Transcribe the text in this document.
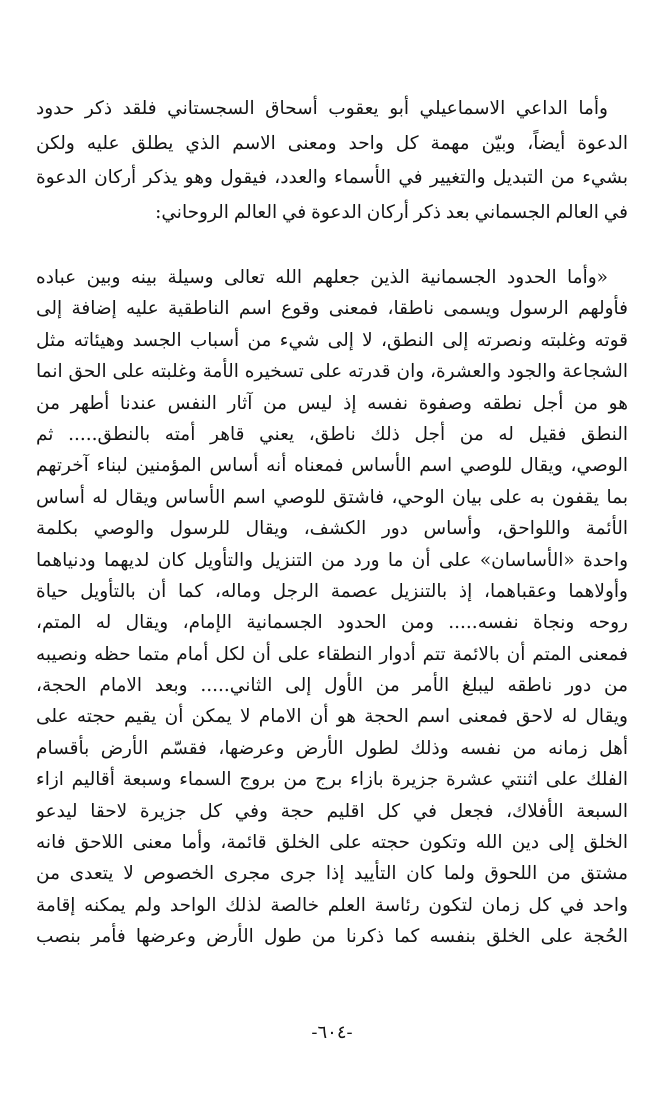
وأما الداعي الاسماعيلي أبو يعقوب أسحاق السجستاني فلقد ذكر حدود
الدعوة أيضاً، وبيّن مهمة كل واحد ومعنى الاسم الذي يطلق عليه ولكن
بشيء من التبديل والتغيير في الأسماء والعدد، فيقول وهو يذكر أركان الدعوة
في العالم الجسماني بعد ذكر أركان الدعوة في العالم الروحاني:
«وأما الحدود الجسمانية الذين جعلهم الله تعالى وسيلة بينه وبين عباده
فأولهم الرسول ويسمى ناطقا، فمعنى وقوع اسم الناطقية عليه إضافة إلى
قوته وغلبته ونصرته إلى النطق، لا إلى شيء من أسباب الجسد وهيئاته مثل
الشجاعة والجود والعشرة، وان قدرته على تسخيره الأمة وغلبته على الحق انما
هو من أجل نطقه وصفوة نفسه إذ ليس من آثار النفس عندنا أطهر من
النطق فقيل له من أجل ذلك ناطق، يعني قاهر أمته بالنطق..... ثم
الوصي، ويقال للوصي اسم الأساس فمعناه أنه أساس المؤمنين لبناء آخرتهم
بما يقفون به على بيان الوحي، فاشتق للوصي اسم الأساس ويقال له أساس
الأئمة واللواحق، وأساس دور الكشف، ويقال للرسول والوصي بكلمة
واحدة «الأساسان» على أن ما ورد من التنزيل والتأويل كان لديهما ودنياهما
وأولاهما وعقباهما، إذ بالتنزيل عصمة الرجل وماله، كما أن بالتأويل حياة
روحه ونجاة نفسه..... ومن الحدود الجسمانية الإمام، ويقال له المتم،
فمعنى المتم أن بالائمة تتم أدوار النطقاء على أن لكل أمام متما حظه ونصيبه
من دور ناطقه ليبلغ الأمر من الأول إلى الثاني..... وبعد الامام الحجة،
ويقال له لاحق فمعنى اسم الحجة هو أن الامام لا يمكن أن يقيم حجته على
أهل زمانه من نفسه وذلك لطول الأرض وعرضها، فقسّم الأرض بأقسام
الفلك على اثنتي عشرة جزيرة بازاء برج من بروج السماء وسبعة أقاليم ازاء
السبعة الأفلاك، فجعل في كل اقليم حجة وفي كل جزيرة لاحقا ليدعو
الخلق إلى دين الله وتكون حجته على الخلق قائمة، وأما معنى اللاحق فانه
مشتق من اللحوق ولما كان التأييد إذا جرى مجرى الخصوص لا يتعدى من
واحد في كل زمان لتكون رئاسة العلم خالصة لذلك الواحد ولم يمكنه إقامة
الحُجة على الخلق بنفسه كما ذكرنا من طول الأرض وعرضها فأمر بنصب
-٦٠٤-
